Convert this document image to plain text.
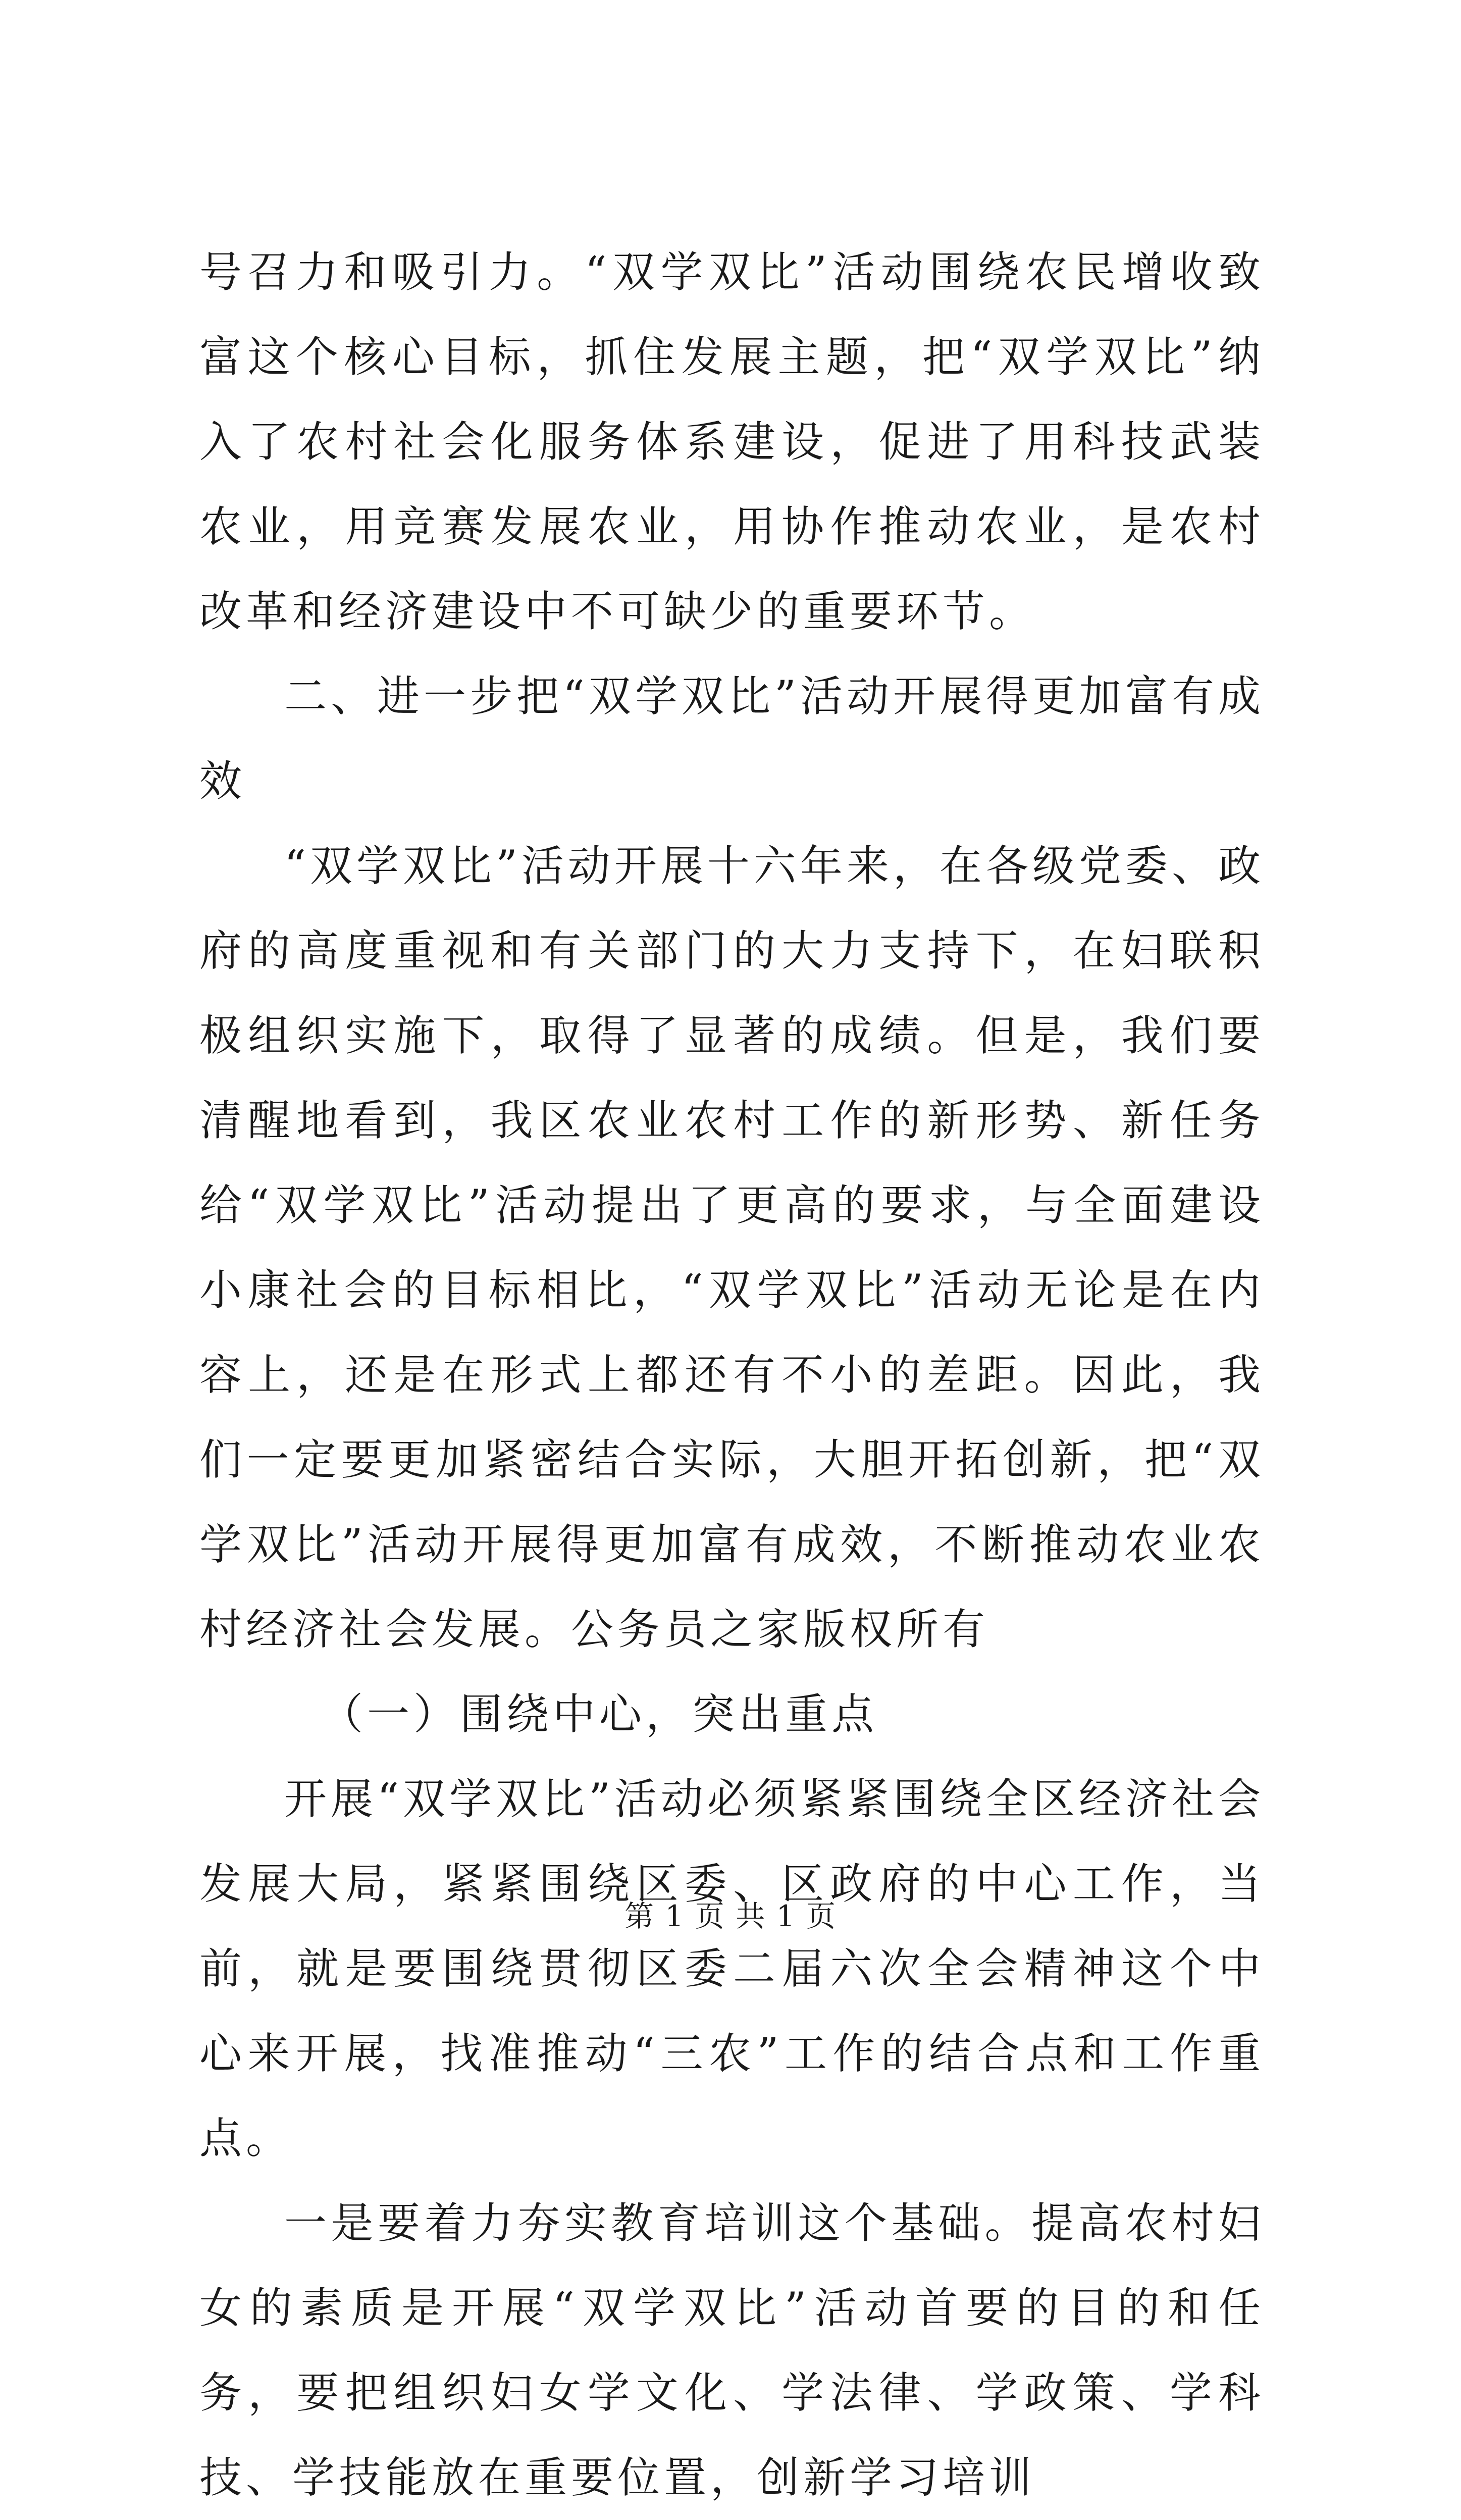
号召力和吸引力。“双学双比”活动围绕农民增收致富这个核心目标，抓住发展主题，把“双学双比”纳入了农村社会化服务体系建设，促进了用科技武装农业，用竞赛发展农业，用协作推动农业，是农村改革和经济建设中不可缺少的重要环节。

二、进一步把“双学双比”活动开展得更加富有成效

“双学双比”活动开展十六年来，在各级党委、政府的高度重视和有关部门的大力支持下，在妇联积极组织实施下，取得了显著的成绩。但是，我们要清醒地看到，我区农业农村工作的新形势、新任务给“双学双比”活动提出了更高的要求，与全面建设小康社会的目标相比，“双学双比”活动无论是在内容上，还是在形式上都还有不小的差距。因此，我们一定要更加紧密结合实际，大胆开拓创新，把“双学双比”活动开展得更加富有成效，不断推动农业农村经济社会发展。公务员之家版权所有

（一）围绕中心，突出重点

开展“双学双比”活动必须紧紧围绕全区经济社会发展大局，紧紧围绕区委、区政府的中心工作，当前，就是要围绕贯彻区委二届六次全会精神这个中心来开展，找准推动“三农”工作的结合点和工作重点。

一是要着力夯实教育培训这个基础。提高农村妇女的素质是开展“双学双比”活动首要的目的和任务，要把组织妇女学文化、学法律、学政策、学科技、学技能放在重要位置，创新学习培训

第 1 页 共 1 页
